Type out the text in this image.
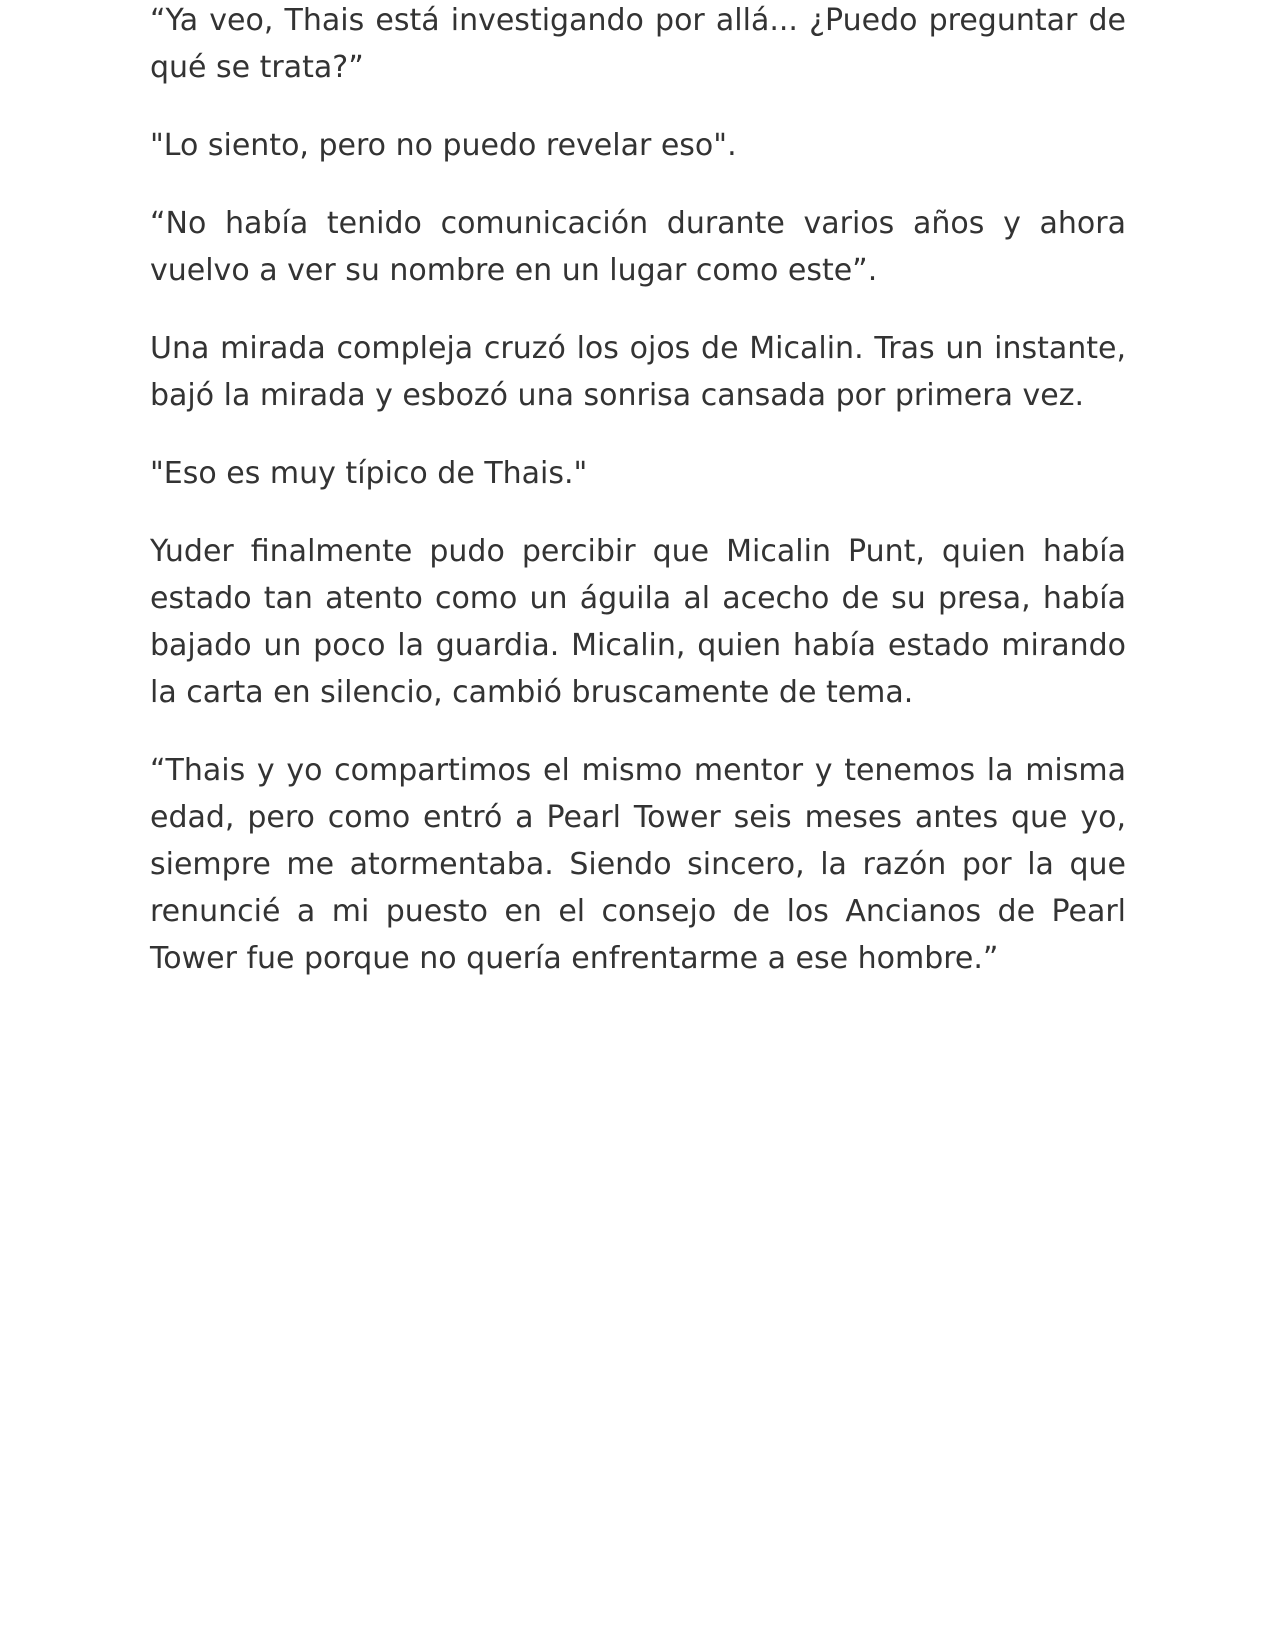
“Ya veo, Thais está investigando por allá... ¿Puedo preguntar de qué se trata?”

"Lo siento, pero no puedo revelar eso".

“No había tenido comunicación durante varios años y ahora vuelvo a ver su nombre en un lugar como este”.

Una mirada compleja cruzó los ojos de Micalin. Tras un instante, bajó la mirada y esbozó una sonrisa cansada por primera vez.

"Eso es muy típico de Thais."

Yuder finalmente pudo percibir que Micalin Punt, quien había estado tan atento como un águila al acecho de su presa, había bajado un poco la guardia. Micalin, quien había estado mirando la carta en silencio, cambió bruscamente de tema.

“Thais y yo compartimos el mismo mentor y tenemos la misma edad, pero como entró a Pearl Tower seis meses antes que yo, siempre me atormentaba. Siendo sincero, la razón por la que renuncié a mi puesto en el consejo de los Ancianos de Pearl Tower fue porque no quería enfrentarme a ese hombre.”
